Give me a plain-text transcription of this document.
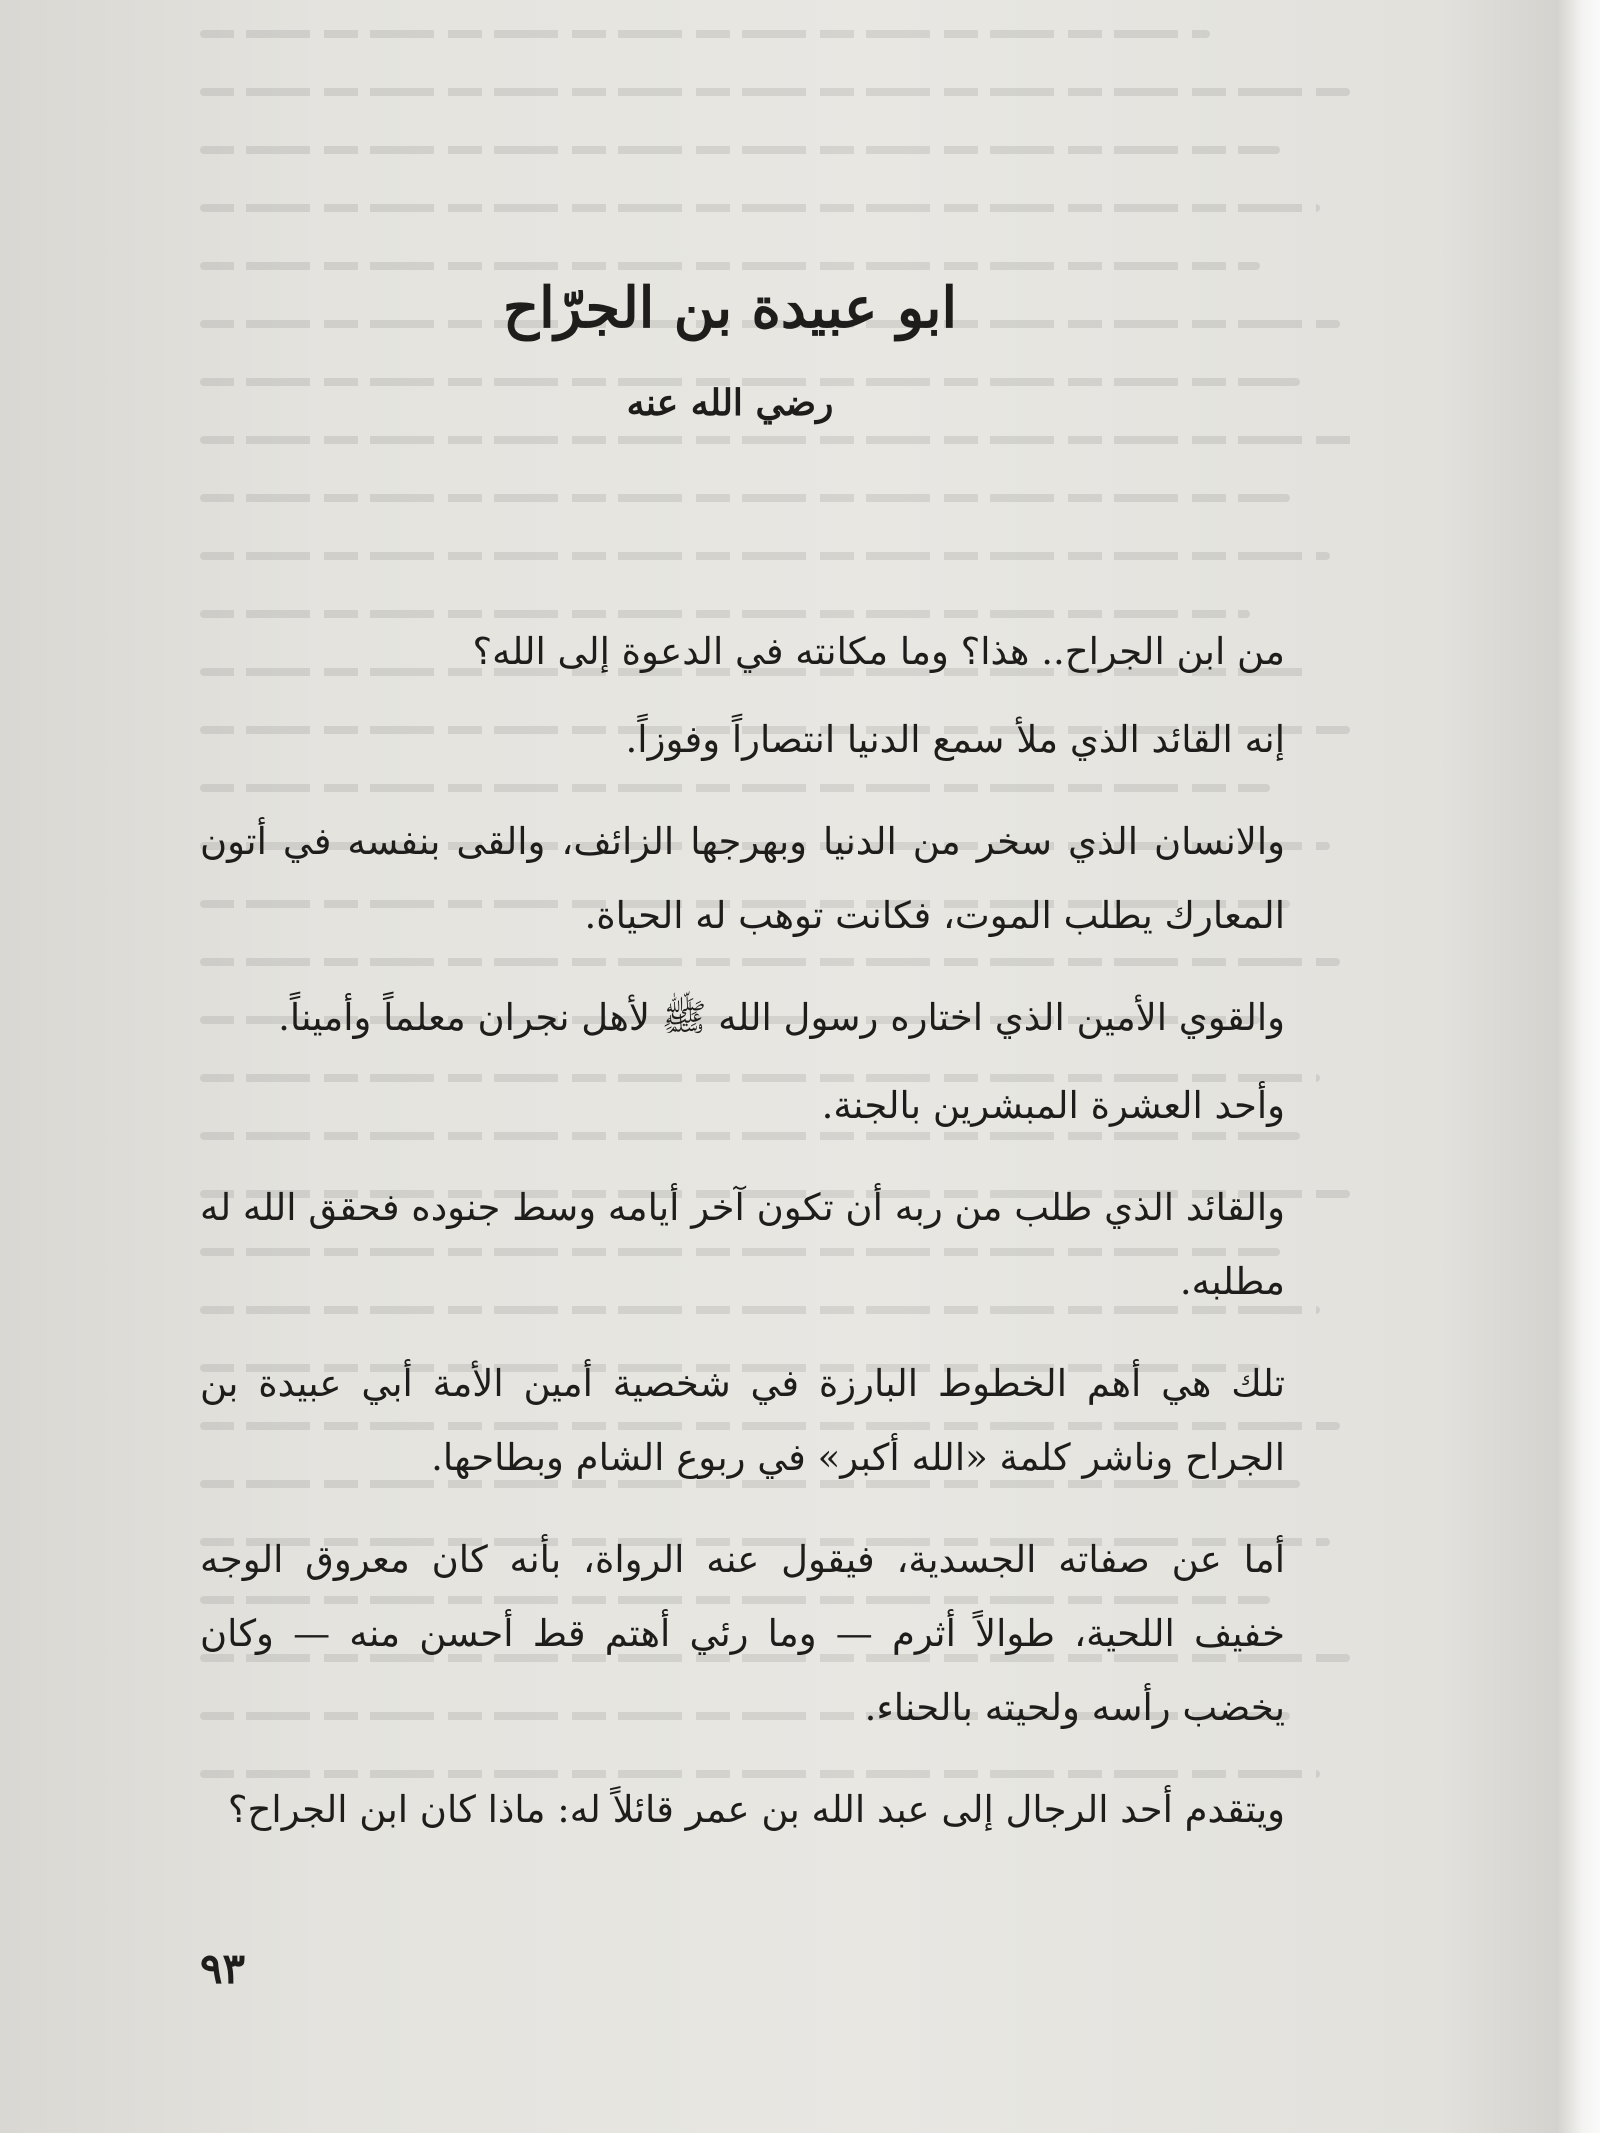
ابو عبيدة بن الجرّاح
رضي الله عنه

من ابن الجراح.. هذا؟ وما مكانته في الدعوة إلى الله؟

إنه القائد الذي ملأ سمع الدنيا انتصاراً وفوزاً.

والانسان الذي سخر من الدنيا وبهرجها الزائف، والقى بنفسه في أتون المعارك يطلب الموت، فكانت توهب له الحياة.

والقوي الأمين الذي اختاره رسول الله ﷺ لأهل نجران معلماً وأميناً.

وأحد العشرة المبشرين بالجنة.

والقائد الذي طلب من ربه أن تكون آخر أيامه وسط جنوده فحقق الله له مطلبه.

تلك هي أهم الخطوط البارزة في شخصية أمين الأمة أبي عبيدة بن الجراح وناشر كلمة «الله أكبر» في ربوع الشام وبطاحها.

أما عن صفاته الجسدية، فيقول عنه الرواة، بأنه كان معروق الوجه خفيف اللحية، طوالاً أثرم — وما رئي أهتم قط أحسن منه — وكان يخضب رأسه ولحيته بالحناء.

ويتقدم أحد الرجال إلى عبد الله بن عمر قائلاً له: ماذا كان ابن الجراح؟

٩٣
